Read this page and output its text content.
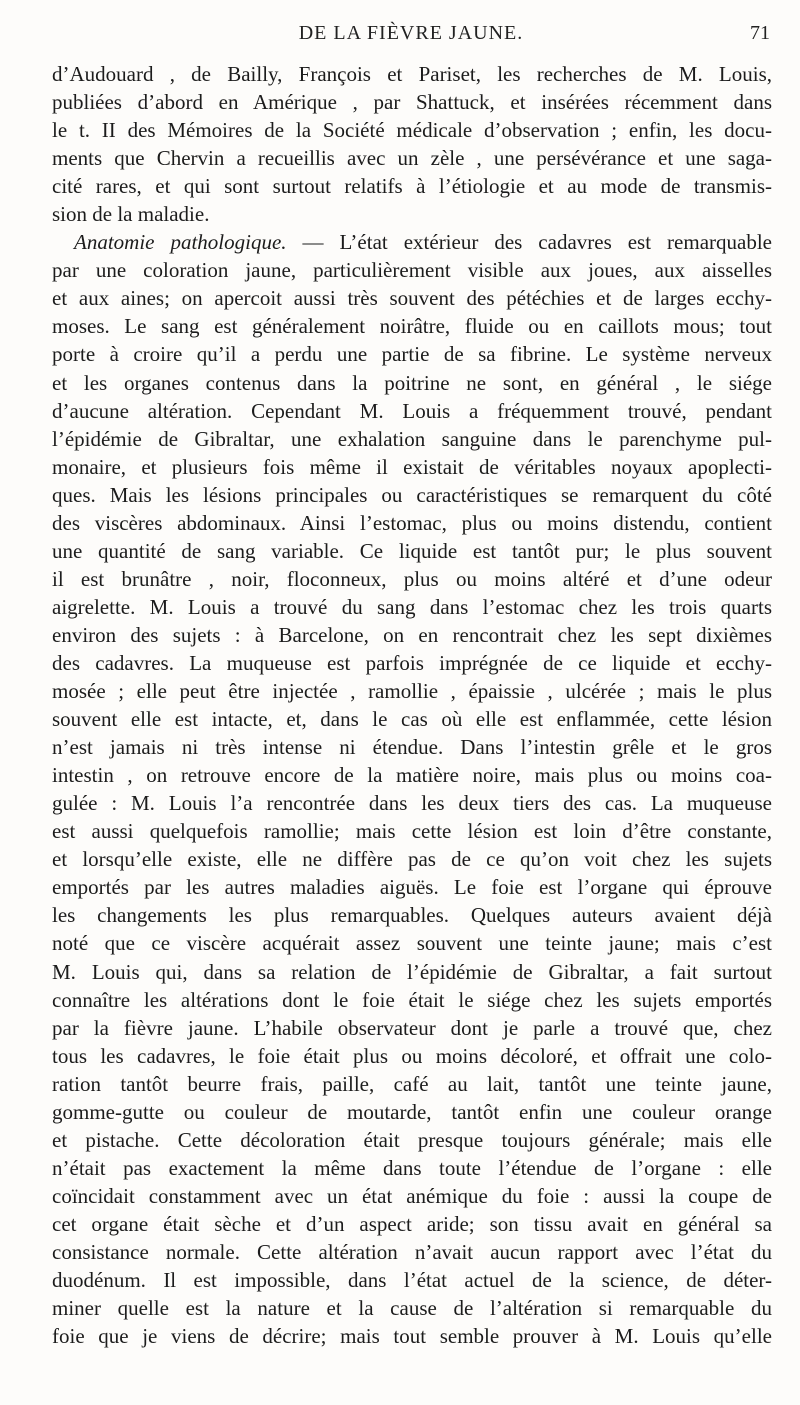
DE LA FIÈVRE JAUNE.	71
d’Audouard , de Bailly, François et Pariset, les recherches de M. Louis,
publiées d’abord en Amérique , par Shattuck, et insérées récemment dans
le t. II des Mémoires de la Société médicale d’observation ; enfin, les docu-
ments que Chervin a recueillis avec un zèle , une persévérance et une saga-
cité rares, et qui sont surtout relatifs à l’étiologie et au mode de transmis-
sion de la maladie.
Anatomie pathologique. — L’état extérieur des cadavres est remarquable
par une coloration jaune, particulièrement visible aux joues, aux aisselles
et aux aines; on apercoit aussi très souvent des pétéchies et de larges ecchy-
moses. Le sang est généralement noirâtre, fluide ou en caillots mous; tout
porte à croire qu’il a perdu une partie de sa fibrine. Le système nerveux
et les organes contenus dans la poitrine ne sont, en général , le siége
d’aucune altération. Cependant M. Louis a fréquemment trouvé, pendant
l’épidémie de Gibraltar, une exhalation sanguine dans le parenchyme pul-
monaire, et plusieurs fois même il existait de véritables noyaux apoplecti-
ques. Mais les lésions principales ou caractéristiques se remarquent du côté
des viscères abdominaux. Ainsi l’estomac, plus ou moins distendu, contient
une quantité de sang variable. Ce liquide est tantôt pur; le plus souvent
il est brunâtre , noir, floconneux, plus ou moins altéré et d’une odeur
aigrelette. M. Louis a trouvé du sang dans l’estomac chez les trois quarts
environ des sujets : à Barcelone, on en rencontrait chez les sept dixièmes
des cadavres. La muqueuse est parfois imprégnée de ce liquide et ecchy-
mosée ; elle peut être injectée , ramollie , épaissie , ulcérée ; mais le plus
souvent elle est intacte, et, dans le cas où elle est enflammée, cette lésion
n’est jamais ni très intense ni étendue. Dans l’intestin grêle et le gros
intestin , on retrouve encore de la matière noire, mais plus ou moins coa-
gulée : M. Louis l’a rencontrée dans les deux tiers des cas. La muqueuse
est aussi quelquefois ramollie; mais cette lésion est loin d’être constante,
et lorsqu’elle existe, elle ne diffère pas de ce qu’on voit chez les sujets
emportés par les autres maladies aiguës. Le foie est l’organe qui éprouve
les changements les plus remarquables. Quelques auteurs avaient déjà
noté que ce viscère acquérait assez souvent une teinte jaune; mais c’est
M. Louis qui, dans sa relation de l’épidémie de Gibraltar, a fait surtout
connaître les altérations dont le foie était le siége chez les sujets emportés
par la fièvre jaune. L’habile observateur dont je parle a trouvé que, chez
tous les cadavres, le foie était plus ou moins décoloré, et offrait une colo-
ration tantôt beurre frais, paille, café au lait, tantôt une teinte jaune,
gomme-gutte ou couleur de moutarde, tantôt enfin une couleur orange
et pistache. Cette décoloration était presque toujours générale; mais elle
n’était pas exactement la même dans toute l’étendue de l’organe : elle
coïncidait constamment avec un état anémique du foie : aussi la coupe de
cet organe était sèche et d’un aspect aride; son tissu avait en général sa
consistance normale. Cette altération n’avait aucun rapport avec l’état du
duodénum. Il est impossible, dans l’état actuel de la science, de déter-
miner quelle est la nature et la cause de l’altération si remarquable du
foie que je viens de décrire; mais tout semble prouver à M. Louis qu’elle
